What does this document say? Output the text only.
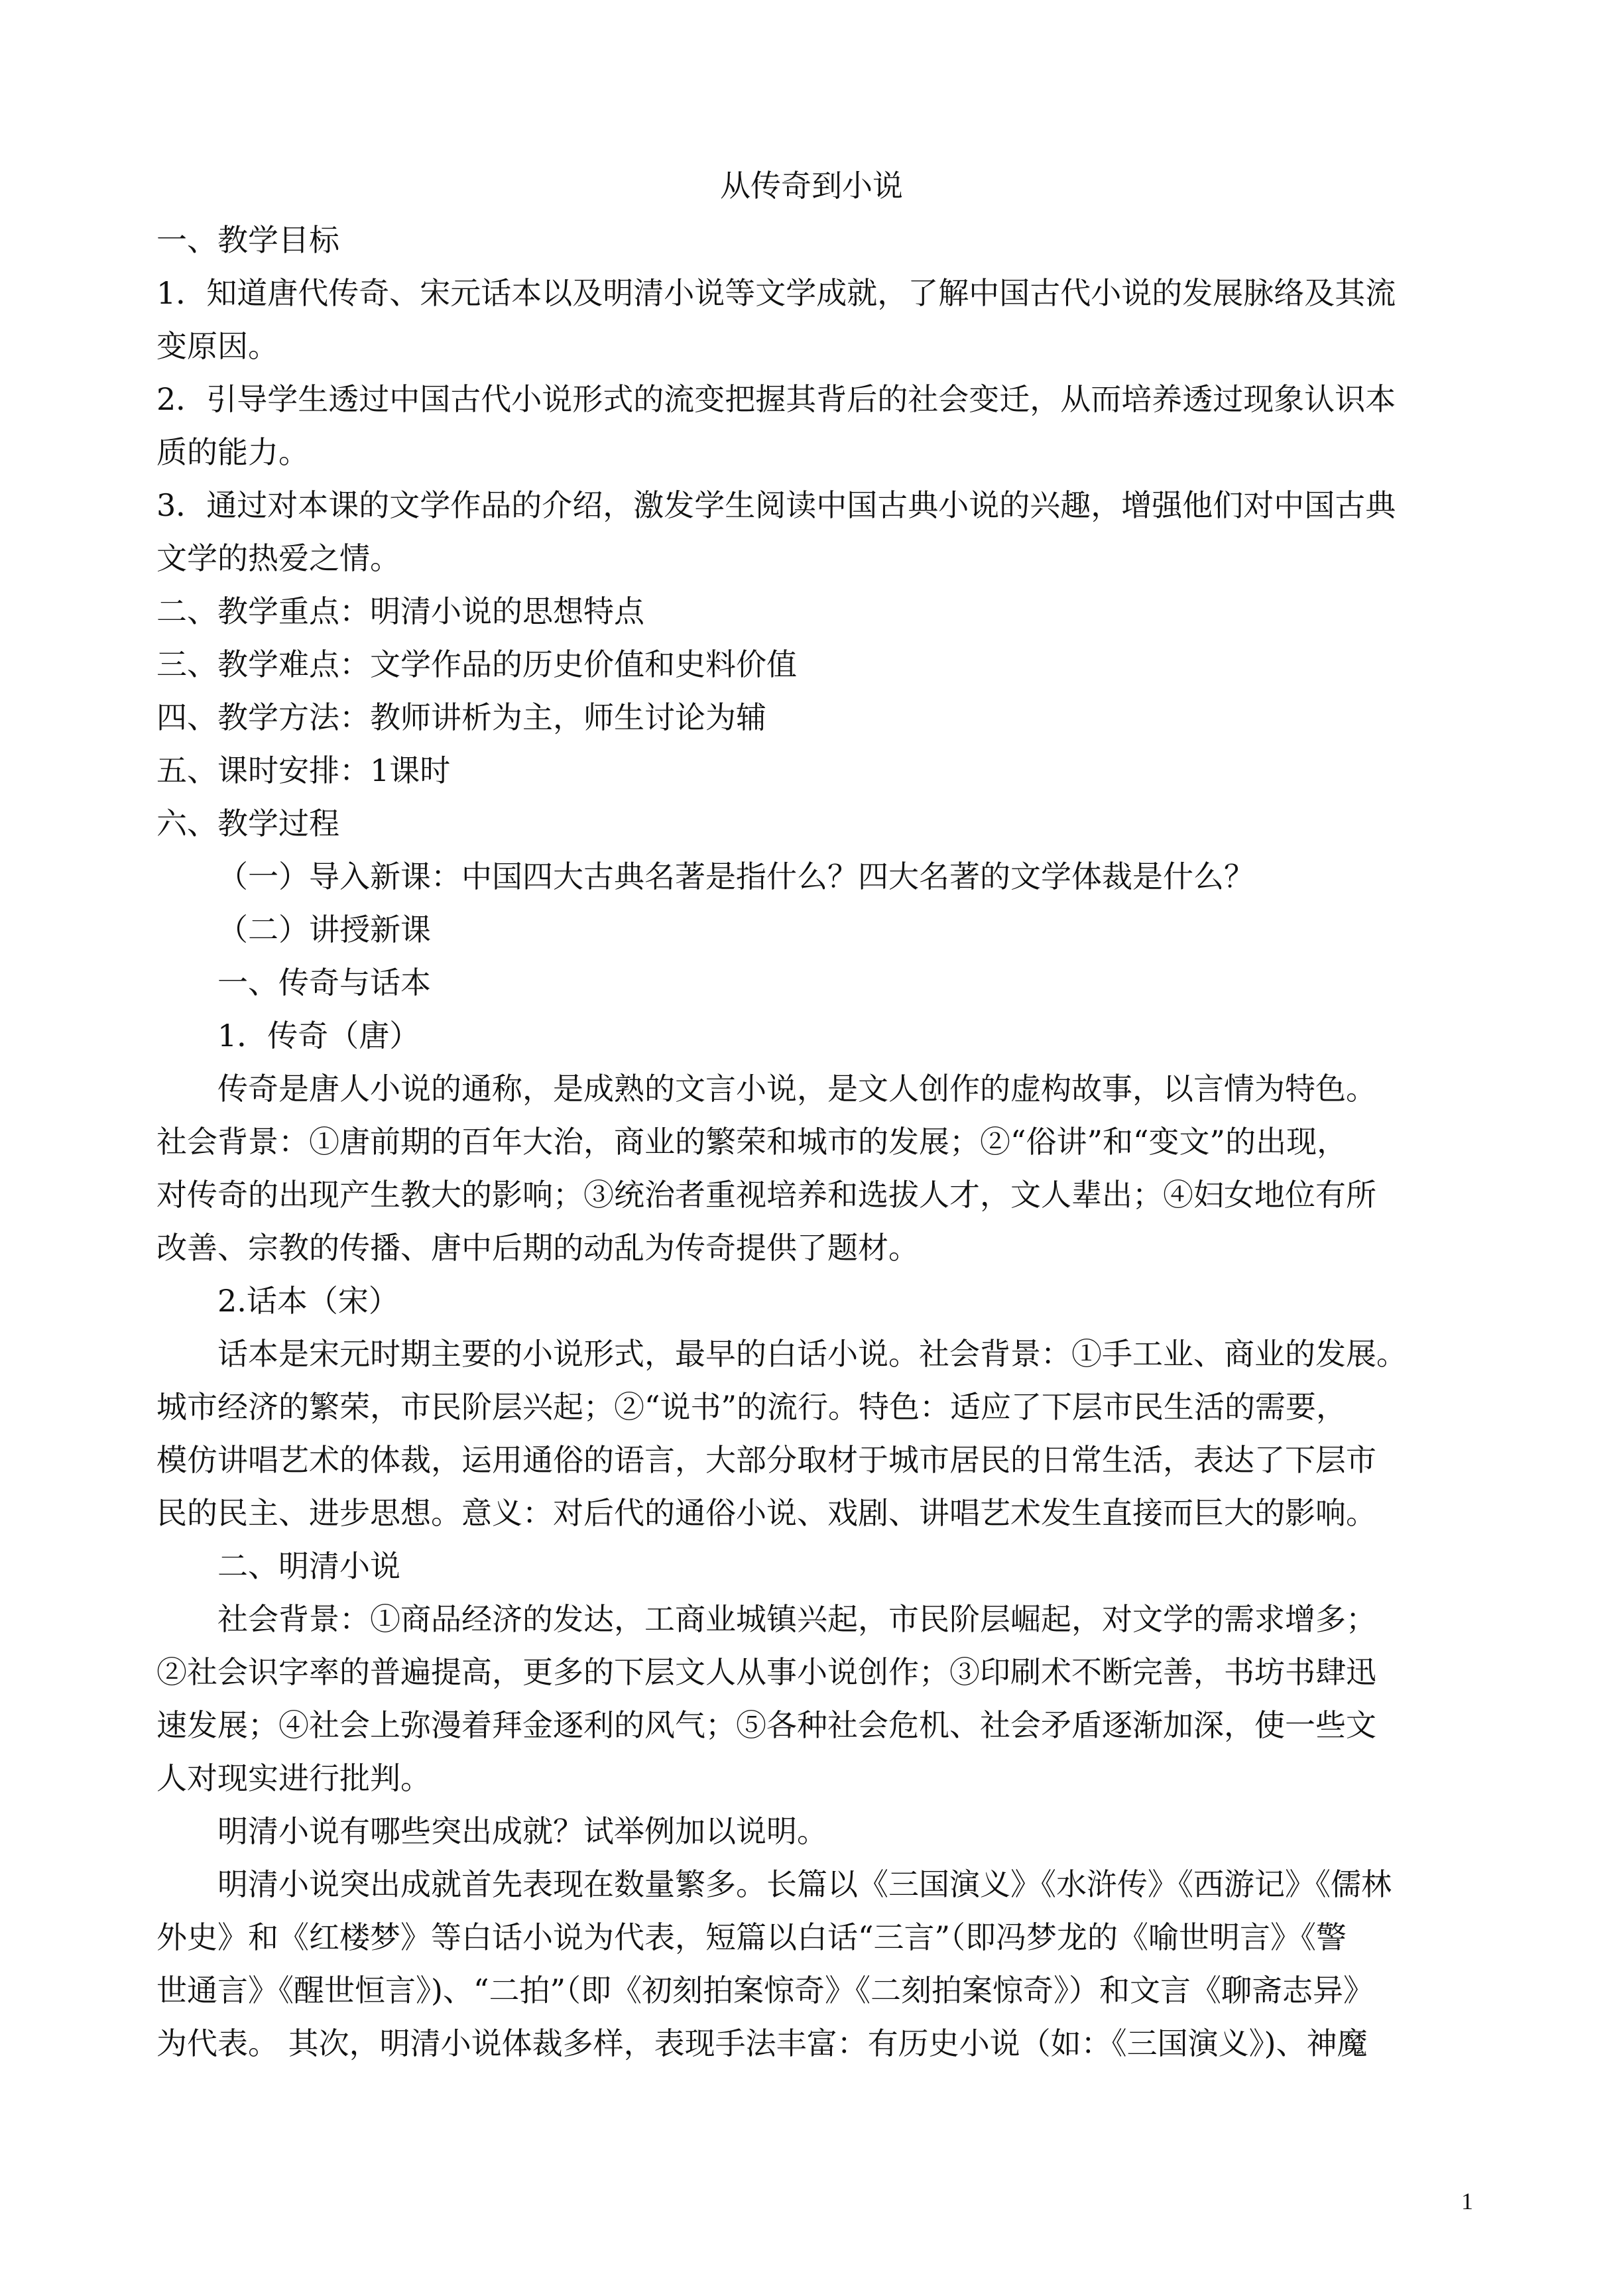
从传奇到小说
一、教学目标
1．知道唐代传奇、宋元话本以及明清小说等文学成就，了解中国古代小说的发展脉络及其流
变原因。
2．引导学生透过中国古代小说形式的流变把握其背后的社会变迁，从而培养透过现象认识本
质的能力。
3．通过对本课的文学作品的介绍，激发学生阅读中国古典小说的兴趣，增强他们对中国古典
文学的热爱之情。
二、教学重点：明清小说的思想特点
三、教学难点：文学作品的历史价值和史料价值
四、教学方法：教师讲析为主，师生讨论为辅
五、课时安排：1课时
六、教学过程
（一）导入新课：中国四大古典名著是指什么？四大名著的文学体裁是什么？
（二）讲授新课
一、传奇与话本
1．传奇（唐）
传奇是唐人小说的通称，是成熟的文言小说，是文人创作的虚构故事，以言情为特色。
社会背景：①唐前期的百年大治，商业的繁荣和城市的发展；②“俗讲”和“变文”的出现，
对传奇的出现产生教大的影响；③统治者重视培养和选拔人才，文人辈出；④妇女地位有所
改善、宗教的传播、唐中后期的动乱为传奇提供了题材。
2.话本（宋）
话本是宋元时期主要的小说形式，最早的白话小说。社会背景：①手工业、商业的发展。
城市经济的繁荣，市民阶层兴起；②“说书”的流行。特色：适应了下层市民生活的需要，
模仿讲唱艺术的体裁，运用通俗的语言，大部分取材于城市居民的日常生活，表达了下层市
民的民主、进步思想。意义：对后代的通俗小说、戏剧、讲唱艺术发生直接而巨大的影响。
二、明清小说
社会背景：①商品经济的发达，工商业城镇兴起，市民阶层崛起，对文学的需求增多；
②社会识字率的普遍提高，更多的下层文人从事小说创作；③印刷术不断完善，书坊书肆迅
速发展；④社会上弥漫着拜金逐利的风气；⑤各种社会危机、社会矛盾逐渐加深，使一些文
人对现实进行批判。
明清小说有哪些突出成就？试举例加以说明。
明清小说突出成就首先表现在数量繁多。长篇以《三国演义》《水浒传》《西游记》《儒林
外史》和《红楼梦》等白话小说为代表，短篇以白话“三言”（即冯梦龙的《喻世明言》《警
世通言》《醒世恒言》)、“二拍”（即《初刻拍案惊奇》《二刻拍案惊奇》）和文言《聊斋志异》
为代表。 其次，明清小说体裁多样，表现手法丰富：有历史小说（如：《三国演义》)、神魔
1
